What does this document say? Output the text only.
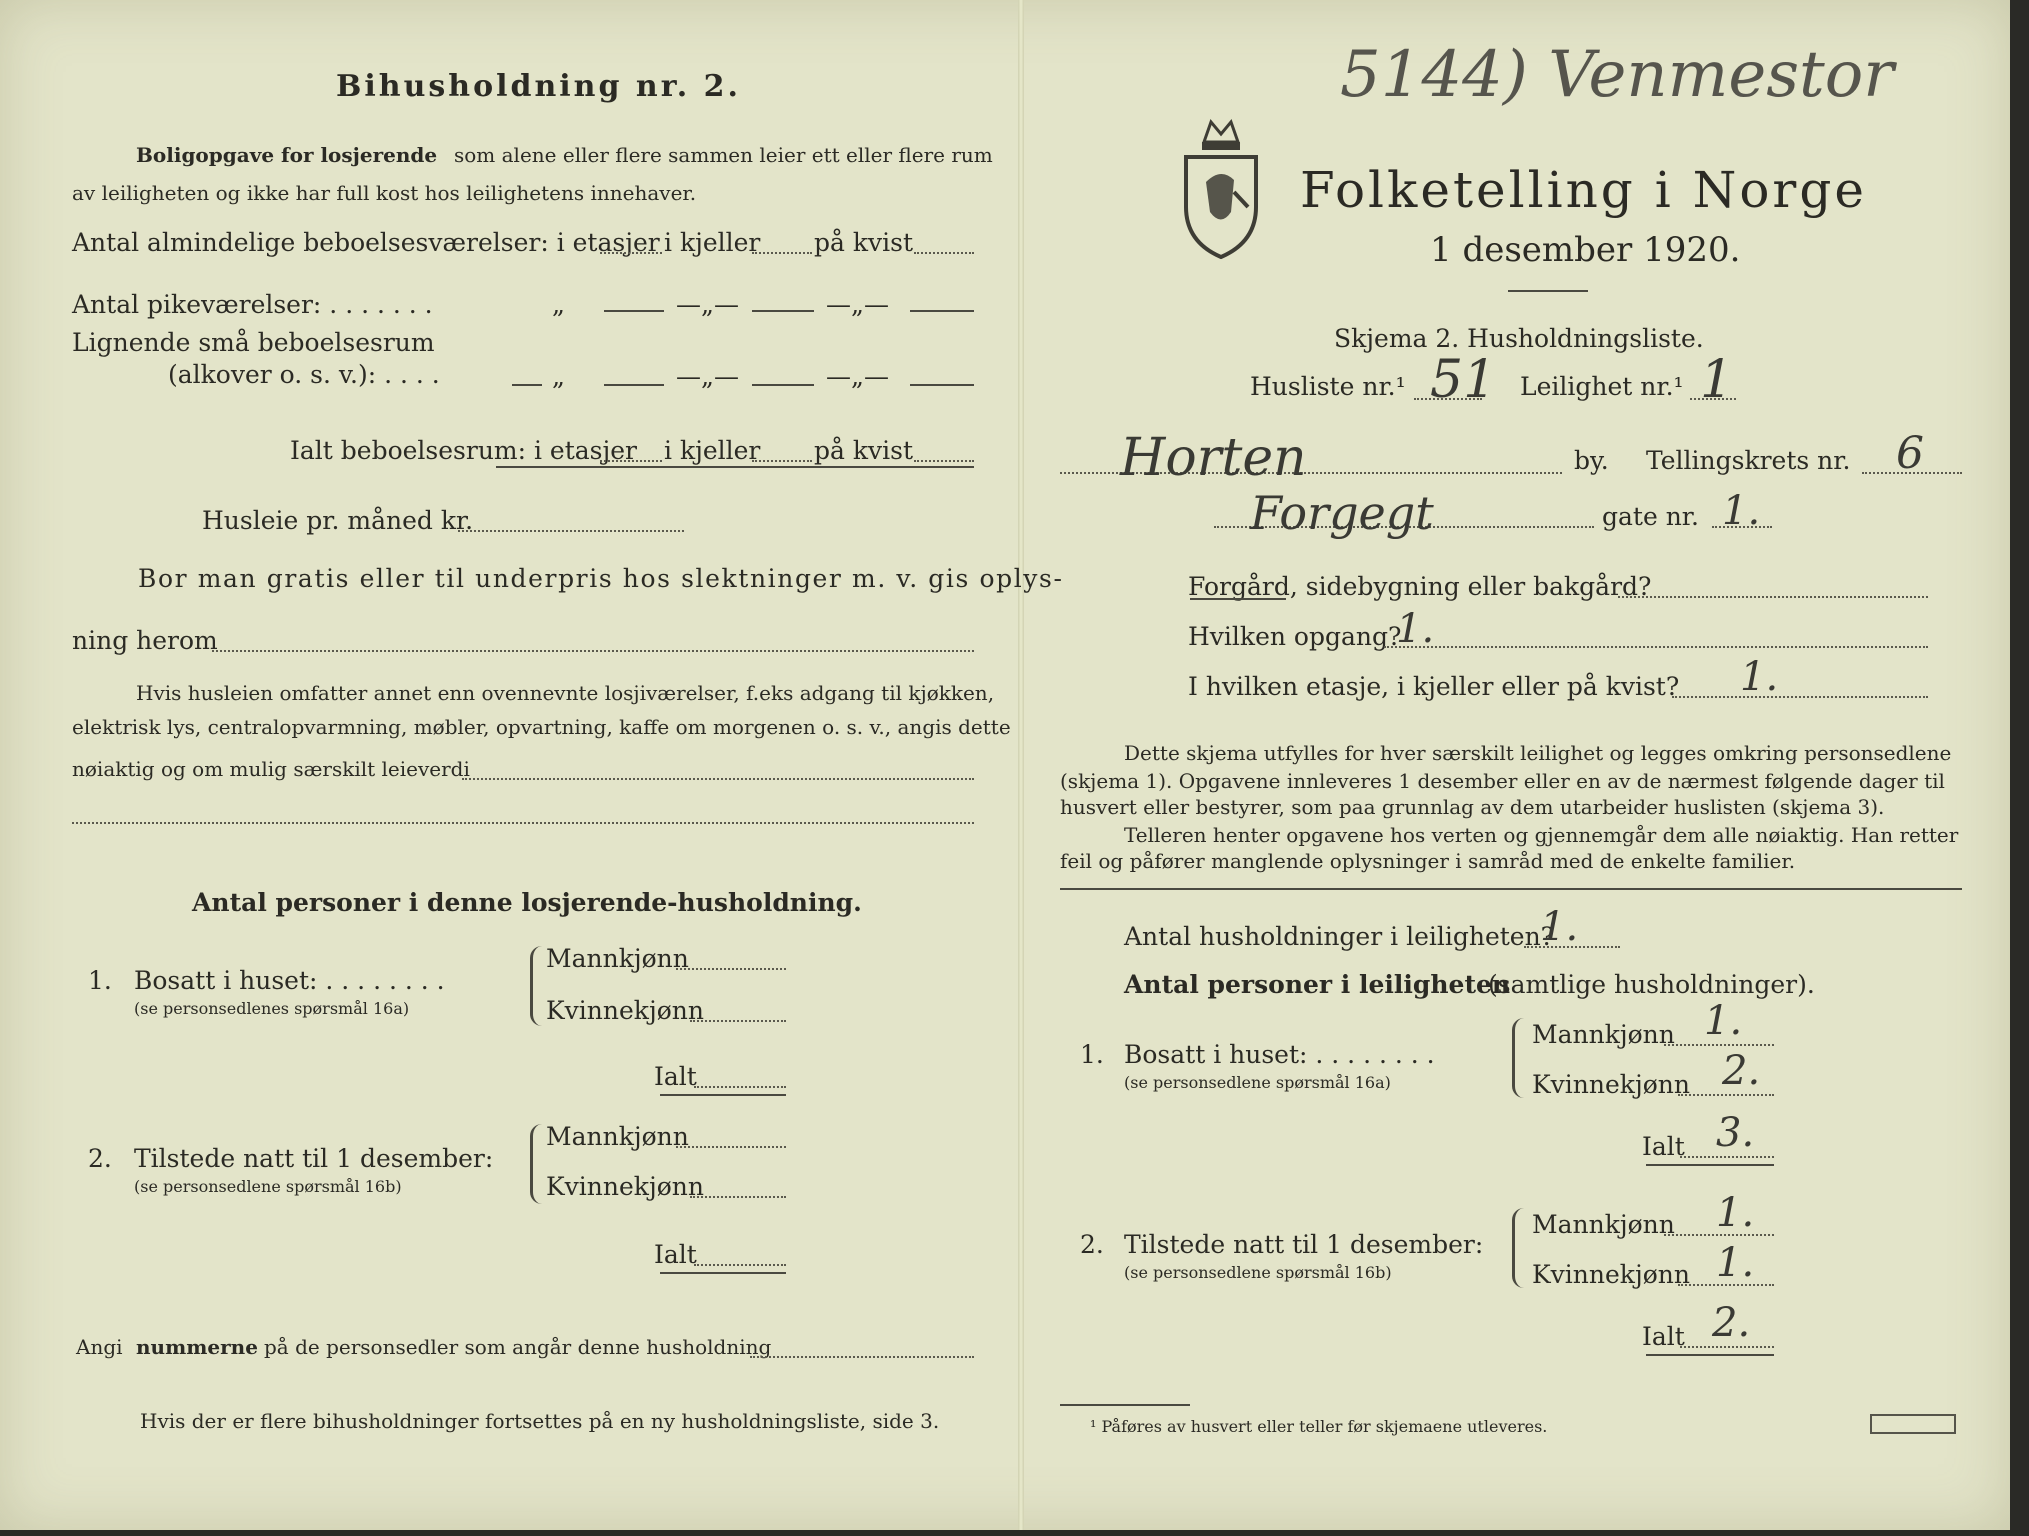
Bihusholdning nr. 2.
Boligopgave for losjerende som alene eller flere sammen leier ett eller flere rum
av leiligheten og ikke har full kost hos leilighetens innehaver.
Antal almindelige beboelsesværelser: i etasjer i kjeller på kvist
Antal pikeværelser: . . . . . . .	„	—„—	—„—
Lignende små beboelsesrum
(alkover o. s. v.): . . . .	„	—„—	—„—
Ialt beboelsesrum: i etasjer i kjeller på kvist
Husleie pr. måned kr.
Bor man gratis eller til underpris hos slektninger m. v. gis oplys-
ning herom
Hvis husleien omfatter annet enn ovennevnte losjiværelser, f.eks adgang til kjøkken,
elektrisk lys, centralopvarmning, møbler, opvartning, kaffe om morgenen o. s. v., angis dette
nøiaktig og om mulig særskilt leieverdi
Antal personer i denne losjerende-husholdning.
1. Bosatt i huset: . . . . . . . .
(se personsedlenes spørsmål 16a)
Mannkjønn
Kvinnekjønn
Ialt
2. Tilstede natt til 1 desember:
(se personsedlene spørsmål 16b)
Mannkjønn
Kvinnekjønn
Ialt
Angi nummerne på de personsedler som angår denne husholdning
Hvis der er flere bihusholdninger fortsettes på en ny husholdningsliste, side 3.
5144) Venmestor
Folketelling i Norge
1 desember 1920.
Skjema 2. Husholdningsliste.
Husliste nr.¹ 51 Leilighet nr.¹ 1
Horten	by. Tellingskrets nr. 6
Forgegt	gate nr. 1.
Forgård, sidebygning eller bakgård?
Hvilken opgang?
1.
I hvilken etasje, i kjeller eller på kvist? 1.
Dette skjema utfylles for hver særskilt leilighet og legges omkring personsedlene
(skjema 1). Opgavene innleveres 1 desember eller en av de nærmest følgende dager til
husvert eller bestyrer, som paa grunnlag av dem utarbeider huslisten (skjema 3).
Telleren henter opgavene hos verten og gjennemgår dem alle nøiaktig. Han retter
feil og påfører manglende oplysninger i samråd med de enkelte familier.
Antal husholdninger i leiligheten?
1.
Antal personer i leiligheten
(samtlige husholdninger).
1. Bosatt i huset: . . . . . . . .
(se personsedlene spørsmål 16a)
Mannkjønn 1.
Kvinnekjønn 2.
Ialt 3.
2. Tilstede natt til 1 desember:
(se personsedlene spørsmål 16b)
Mannkjønn 1.
Kvinnekjønn 1.
Ialt 2.
¹ Påføres av husvert eller teller før skjemaene utleveres.
